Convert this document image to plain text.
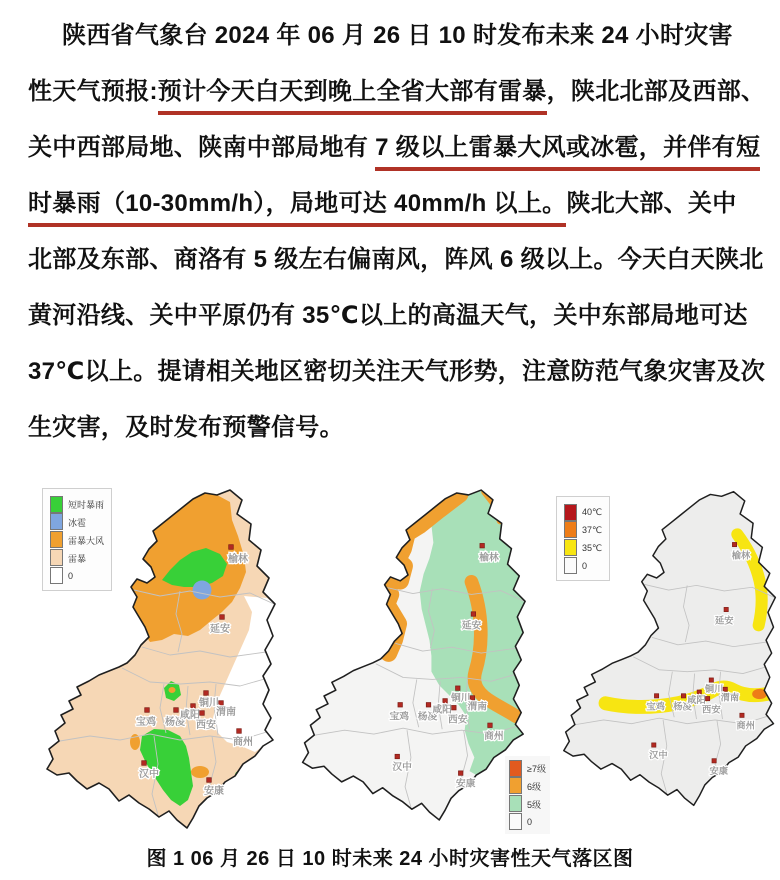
陕西省气象台 2024 年 06 月 26 日 10 时发布未来 24 小时灾害
性天气预报:预计今天白天到晚上全省大部有雷暴，陕北北部及西部、
关中西部局地、陕南中部局地有 7 级以上雷暴大风或冰雹，并伴有短
时暴雨（10-30mm/h），局地可达 40mm/h 以上。陕北大部、关中
北部及东部、商洛有 5 级左右偏南风，阵风 6 级以上。今天白天陕北
黄河沿线、关中平原仍有 35℃以上的高温天气，关中东部局地可达
37℃以上。提请相关地区密切关注天气形势，注意防范气象灾害及次
生灾害，及时发布预警信号。
榆林
延安
铜川
宝鸡 杨凌
咸阳
西安
渭南
商州
汉中
安康
短时暴雨
冰雹
雷暴大风
雷暴
0
榆林
延安
铜川
宝鸡 杨凌
咸阳
西安
渭南
商州
汉中
安康
≥7级
6级
5级
0
榆林
延安
铜川
宝鸡 杨凌
咸阳
西安
渭南
商州
汉中
安康
40℃
37℃
35℃
0
图 1 06 月 26 日 10 时未来 24 小时灾害性天气落区图
